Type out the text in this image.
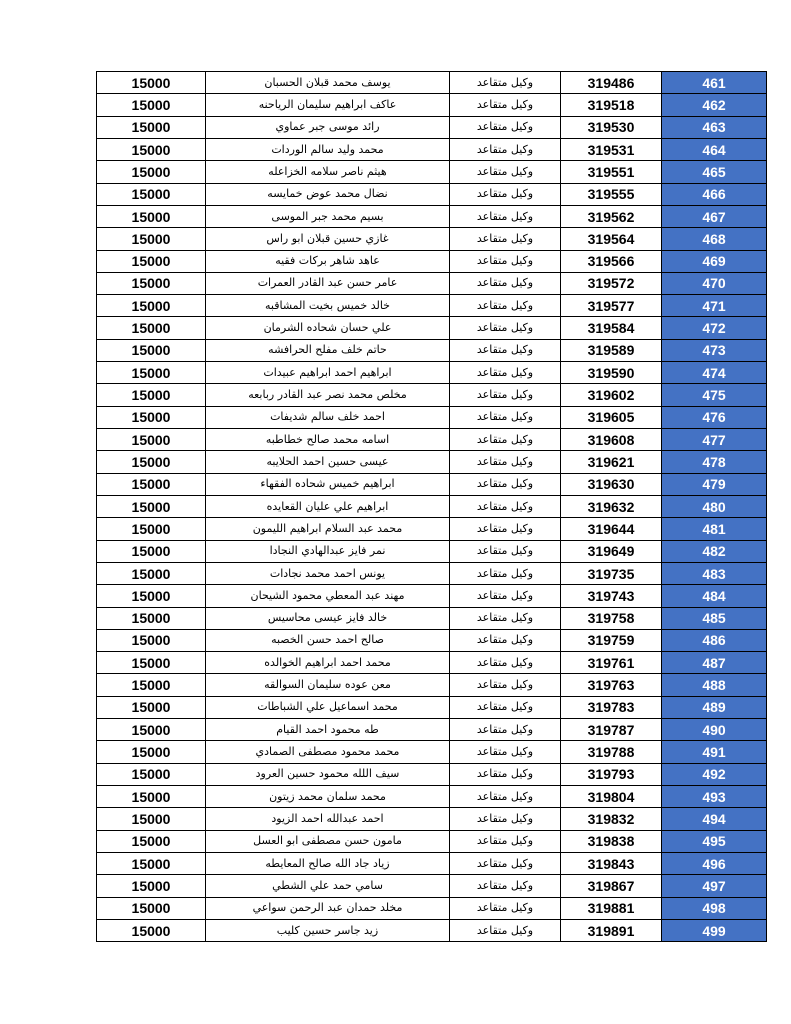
15000	يوسف محمد قبلان الحسبان	وكيل متقاعد	319486	461
15000	عاكف ابراهيم سليمان الرياحنه	وكيل متقاعد	319518	462
15000	رائد موسى جبر عماوي	وكيل متقاعد	319530	463
15000	محمد وليد سالم الوردات	وكيل متقاعد	319531	464
15000	هيثم ناصر سلامه الخزاعله	وكيل متقاعد	319551	465
15000	نضال محمد عوض خمايسه	وكيل متقاعد	319555	466
15000	بسيم محمد جبر الموسى	وكيل متقاعد	319562	467
15000	غازي حسين قبلان ابو راس	وكيل متقاعد	319564	468
15000	عاهد شاهر بركات فقيه	وكيل متقاعد	319566	469
15000	عامر حسن عبد القادر العمرات	وكيل متقاعد	319572	470
15000	خالد خميس بخيت المشاقبه	وكيل متقاعد	319577	471
15000	علي حسان شحاده الشرمان	وكيل متقاعد	319584	472
15000	حاتم خلف مفلح الحرافشه	وكيل متقاعد	319589	473
15000	ابراهيم احمد ابراهيم عبيدات	وكيل متقاعد	319590	474
15000	مخلص محمد نصر عبد القادر ربابعه	وكيل متقاعد	319602	475
15000	احمد خلف سالم شديفات	وكيل متقاعد	319605	476
15000	اسامه محمد صالح خطاطبه	وكيل متقاعد	319608	477
15000	عيسى حسين احمد الحلايبه	وكيل متقاعد	319621	478
15000	ابراهيم خميس شحاده الفقهاء	وكيل متقاعد	319630	479
15000	ابراهيم علي عليان القعايده	وكيل متقاعد	319632	480
15000	محمد عبد السلام ابراهيم الليمون	وكيل متقاعد	319644	481
15000	نمر فايز عبدالهادي النجادا	وكيل متقاعد	319649	482
15000	يونس احمد محمد نجادات	وكيل متقاعد	319735	483
15000	مهند عبد المعطي محمود الشيحان	وكيل متقاعد	319743	484
15000	خالد فايز عيسى محاسيس	وكيل متقاعد	319758	485
15000	صالح احمد حسن الخصبه	وكيل متقاعد	319759	486
15000	محمد احمد ابراهيم الخوالده	وكيل متقاعد	319761	487
15000	معن عوده سليمان السوالقه	وكيل متقاعد	319763	488
15000	محمد اسماعيل علي الشباطات	وكيل متقاعد	319783	489
15000	طه محمود احمد القيام	وكيل متقاعد	319787	490
15000	محمد محمود مصطفى الصمادي	وكيل متقاعد	319788	491
15000	سيف اللله محمود حسين العرود	وكيل متقاعد	319793	492
15000	محمد سلمان محمد زيتون	وكيل متقاعد	319804	493
15000	احمد عبدالله احمد الزيود	وكيل متقاعد	319832	494
15000	مامون حسن مصطفى ابو العسل	وكيل متقاعد	319838	495
15000	زياد جاد الله صالح المعايطه	وكيل متقاعد	319843	496
15000	سامي حمد علي الشطي	وكيل متقاعد	319867	497
15000	مخلد حمدان عبد الرحمن سواعي	وكيل متقاعد	319881	498
15000	زيد جاسر حسين كليب	وكيل متقاعد	319891	499
